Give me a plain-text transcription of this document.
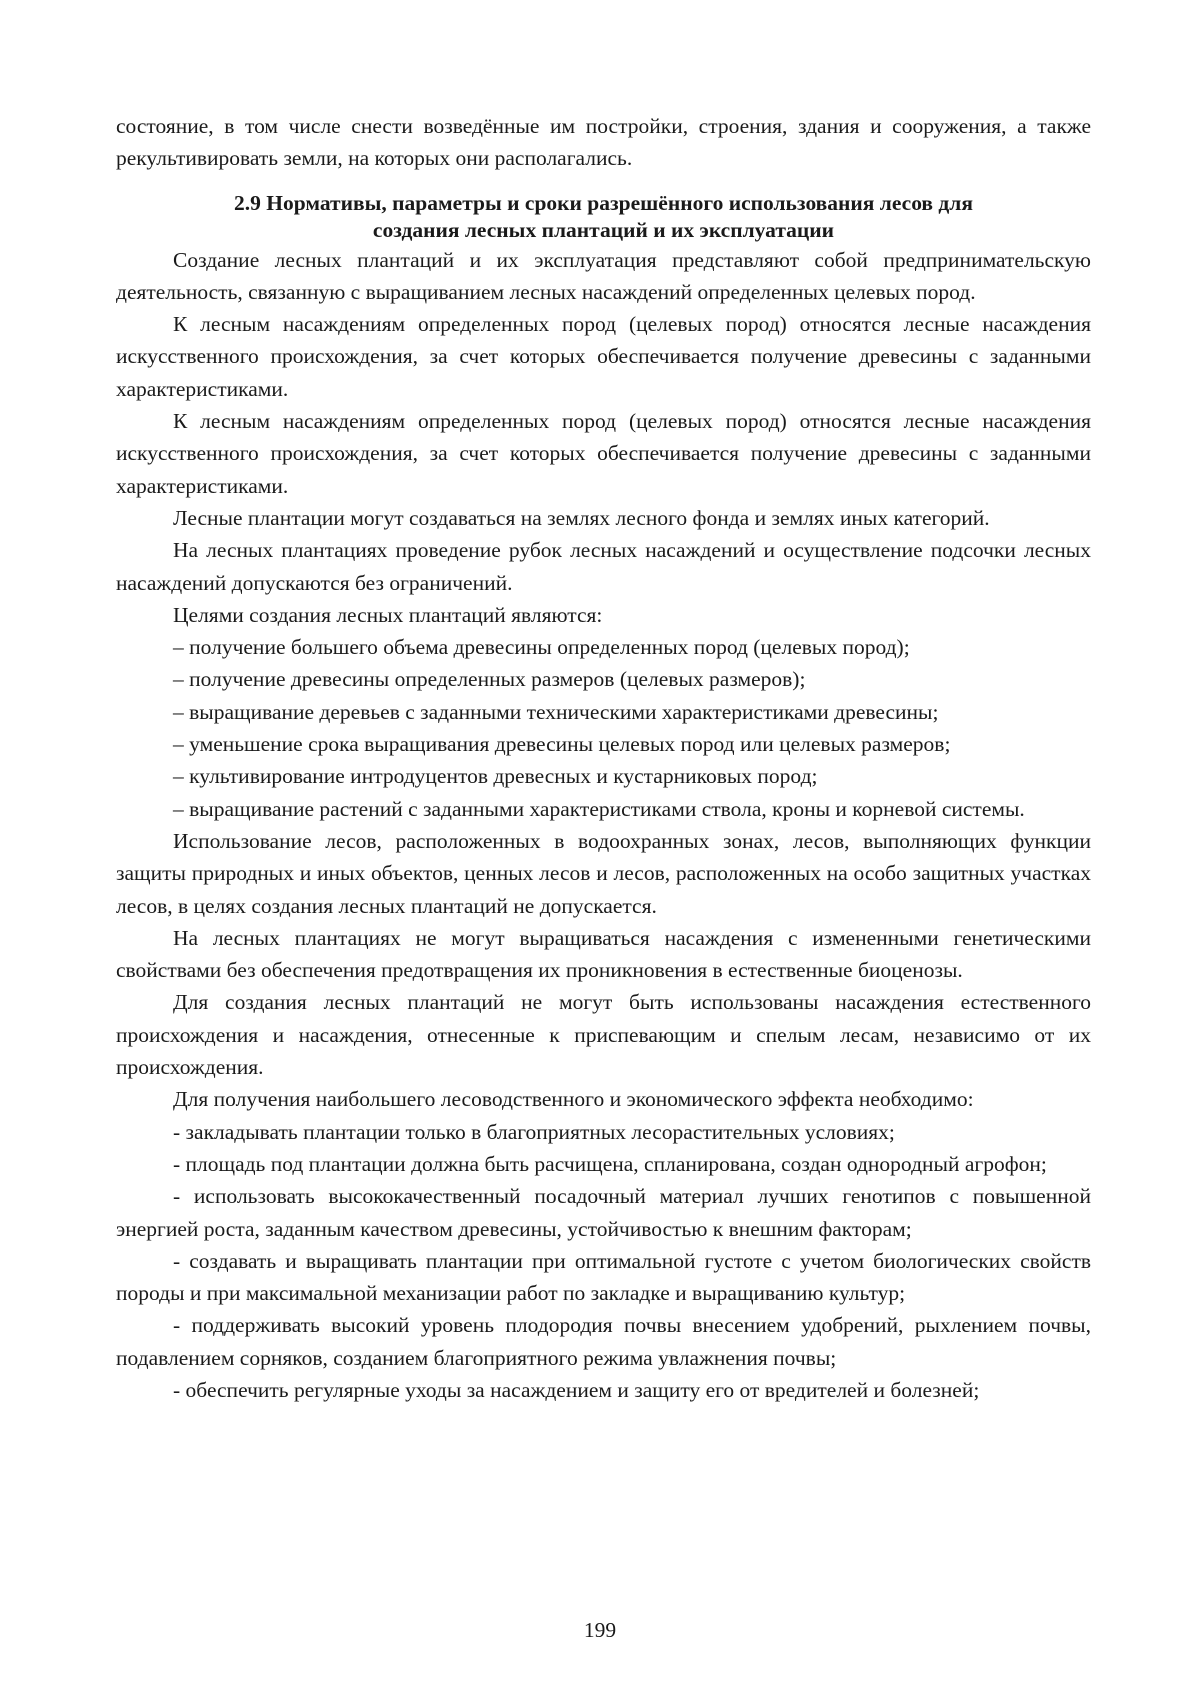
состояние, в том числе снести возведённые им постройки, строения, здания и сооружения, а также рекультивировать земли, на которых они располагались.

2.9 Нормативы, параметры и сроки разрешённого использования лесов для
создания лесных плантаций и их эксплуатации

Создание лесных плантаций и их эксплуатация представляют собой предпринимательскую деятельность, связанную с выращиванием лесных насаждений определенных целевых пород.

К лесным насаждениям определенных пород (целевых пород) относятся лесные насаждения искусственного происхождения, за счет которых обеспечивается получение древесины с заданными характеристиками.

К лесным насаждениям определенных пород (целевых пород) относятся лесные насаждения искусственного происхождения, за счет которых обеспечивается получение древесины с заданными характеристиками.

Лесные плантации могут создаваться на землях лесного фонда и землях иных категорий.

На лесных плантациях проведение рубок лесных насаждений и осуществление подсочки лесных насаждений допускаются без ограничений.

Целями создания лесных плантаций являются:

– получение большего объема древесины определенных пород (целевых пород);

– получение древесины определенных размеров (целевых размеров);

– выращивание деревьев с заданными техническими характеристиками древесины;

– уменьшение срока выращивания древесины целевых пород или целевых размеров;

– культивирование интродуцентов древесных и кустарниковых пород;

– выращивание растений с заданными характеристиками ствола, кроны и корневой системы.

Использование лесов, расположенных в водоохранных зонах, лесов, выполняющих функции защиты природных и иных объектов, ценных лесов и лесов, расположенных на особо защитных участках лесов, в целях создания лесных плантаций не допускается.

На лесных плантациях не могут выращиваться насаждения с измененными генетическими свойствами без обеспечения предотвращения их проникновения в естественные биоценозы.

Для создания лесных плантаций не могут быть использованы насаждения естественного происхождения и насаждения, отнесенные к приспевающим и спелым лесам, независимо от их происхождения.

Для получения наибольшего лесоводственного и экономического эффекта необходимо:

- закладывать плантации только в благоприятных лесорастительных условиях;

- площадь под плантации должна быть расчищена, спланирована, создан однородный агрофон;

- использовать высококачественный посадочный материал лучших генотипов с повышенной энергией роста, заданным качеством древесины, устойчивостью к внешним факторам;

- создавать и выращивать плантации при оптимальной густоте с учетом биологических свойств породы и при максимальной механизации работ по закладке и выращиванию культур;

- поддерживать высокий уровень плодородия почвы внесением удобрений, рыхлением почвы, подавлением сорняков, созданием благоприятного режима увлажнения почвы;

- обеспечить регулярные уходы за насаждением и защиту его от вредителей и болезней;

199
